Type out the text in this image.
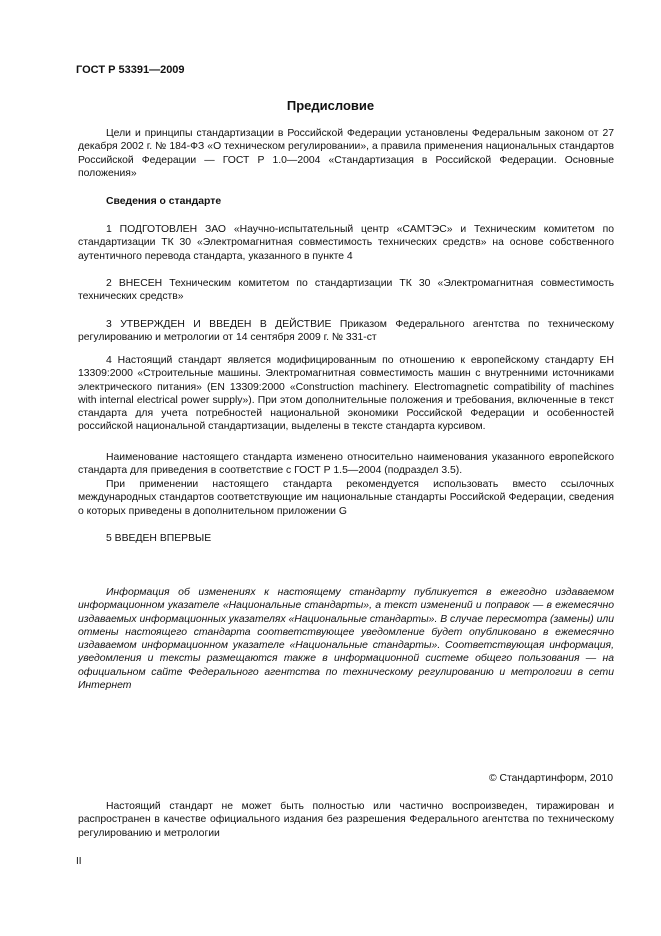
ГОСТ Р 53391—2009
Предисловие
Цели и принципы стандартизации в Российской Федерации установлены Федеральным законом от 27 декабря 2002 г. № 184-ФЗ «О техническом регулировании», а правила применения национальных стандартов Российской Федерации — ГОСТ Р 1.0—2004 «Стандартизация в Российской Федерации. Основные положения»
Сведения о стандарте
1 ПОДГОТОВЛЕН ЗАО «Научно-испытательный центр «САМТЭС» и Техническим комитетом по стандартизации ТК 30 «Электромагнитная совместимость технических средств» на основе собственного аутентичного перевода стандарта, указанного в пункте 4
2 ВНЕСЕН Техническим комитетом по стандартизации ТК 30 «Электромагнитная совместимость технических средств»
3 УТВЕРЖДЕН И ВВЕДЕН В ДЕЙСТВИЕ Приказом Федерального агентства по техническому регулированию и метрологии от 14 сентября 2009 г. № 331-ст
4 Настоящий стандарт является модифицированным по отношению к европейскому стандарту ЕН 13309:2000 «Строительные машины. Электромагнитная совместимость машин с внутренними источниками электрического питания» (EN 13309:2000 «Construction machinery. Electromagnetic compatibility of machines with internal electrical power supply»). При этом дополнительные положения и требования, включенные в текст стандарта для учета потребностей национальной экономики Российской Федерации и особенностей российской национальной стандартизации, выделены в тексте стандарта курсивом.
Наименование настоящего стандарта изменено относительно наименования указанного европейского стандарта для приведения в соответствие с ГОСТ Р 1.5—2004 (подраздел 3.5).
При применении настоящего стандарта рекомендуется использовать вместо ссылочных международных стандартов соответствующие им национальные стандарты Российской Федерации, сведения о которых приведены в дополнительном приложении G
5 ВВЕДЕН ВПЕРВЫЕ
Информация об изменениях к настоящему стандарту публикуется в ежегодно издаваемом информационном указателе «Национальные стандарты», а текст изменений и поправок — в ежемесячно издаваемых информационных указателях «Национальные стандарты». В случае пересмотра (замены) или отмены настоящего стандарта соответствующее уведомление будет опубликовано в ежемесячно издаваемом информационном указателе «Национальные стандарты». Соответствующая информация, уведомления и тексты размещаются также в информационной системе общего пользования — на официальном сайте Федерального агентства по техническому регулированию и метрологии в сети Интернет
© Стандартинформ, 2010
Настоящий стандарт не может быть полностью или частично воспроизведен, тиражирован и распространен в качестве официального издания без разрешения Федерального агентства по техническому регулированию и метрологии
II
